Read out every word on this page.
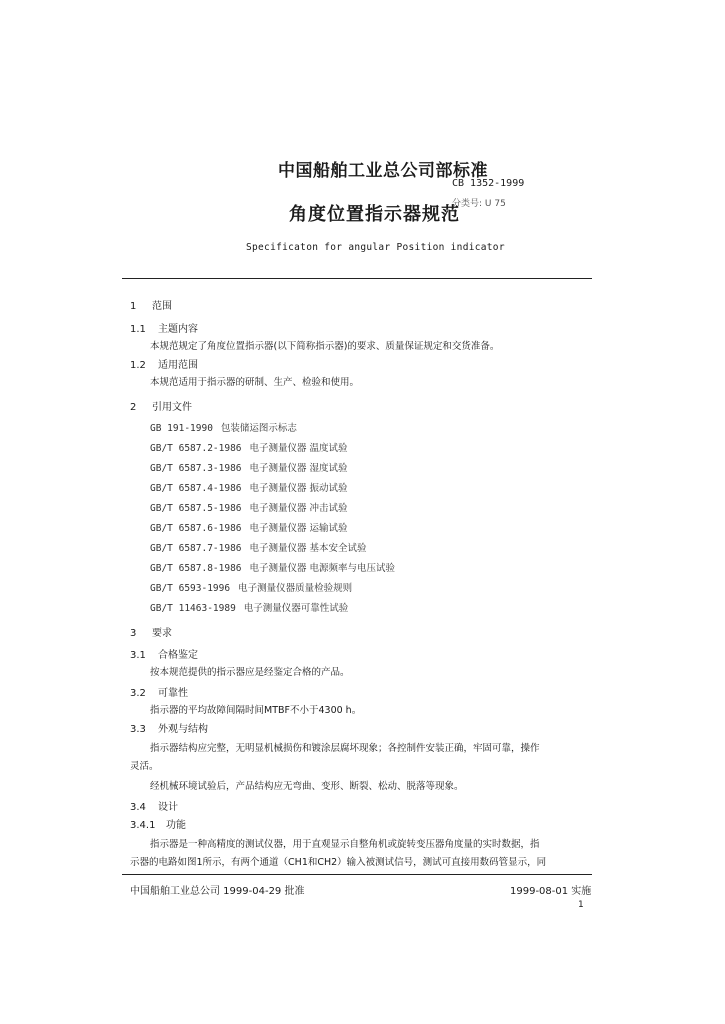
中国船舶工业总公司部标准
CB 1352-1999
分类号: U 75
角度位置指示器规范
Specificaton for angular Position indicator
1 范围
1.1 主题内容
本规范规定了角度位置指示器(以下简称指示器)的要求、质量保证规定和交货准备。
1.2 适用范围
本规范适用于指示器的研制、生产、检验和使用。
2 引用文件
GB 191-1990 包装储运图示标志
GB/T 6587.2-1986 电子测量仪器 温度试验
GB/T 6587.3-1986 电子测量仪器 湿度试验
GB/T 6587.4-1986 电子测量仪器 振动试验
GB/T 6587.5-1986 电子测量仪器 冲击试验
GB/T 6587.6-1986 电子测量仪器 运输试验
GB/T 6587.7-1986 电子测量仪器 基本安全试验
GB/T 6587.8-1986 电子测量仪器 电源频率与电压试验
GB/T 6593-1996 电子测量仪器质量检验规则
GB/T 11463-1989 电子测量仪器可靠性试验
3 要求
3.1 合格鉴定
按本规范提供的指示器应是经鉴定合格的产品。
3.2 可靠性
指示器的平均故障间隔时间MTBF不小于4300 h。
3.3 外观与结构
指示器结构应完整，无明显机械损伤和镀涂层腐坏现象；各控制件安装正确，牢固可靠，操作
灵活。
经机械环境试验后，产品结构应无弯曲、变形、断裂、松动、脱落等现象。
3.4 设计
3.4.1 功能
指示器是一种高精度的测试仪器，用于直观显示自整角机或旋转变压器角度量的实时数据，指
示器的电路如图1所示，有两个通道（CH1和CH2）输入被测试信号，测试可直接用数码管显示，同
中国船舶工业总公司 1999-04-29 批准	1999-08-01 实施
1
